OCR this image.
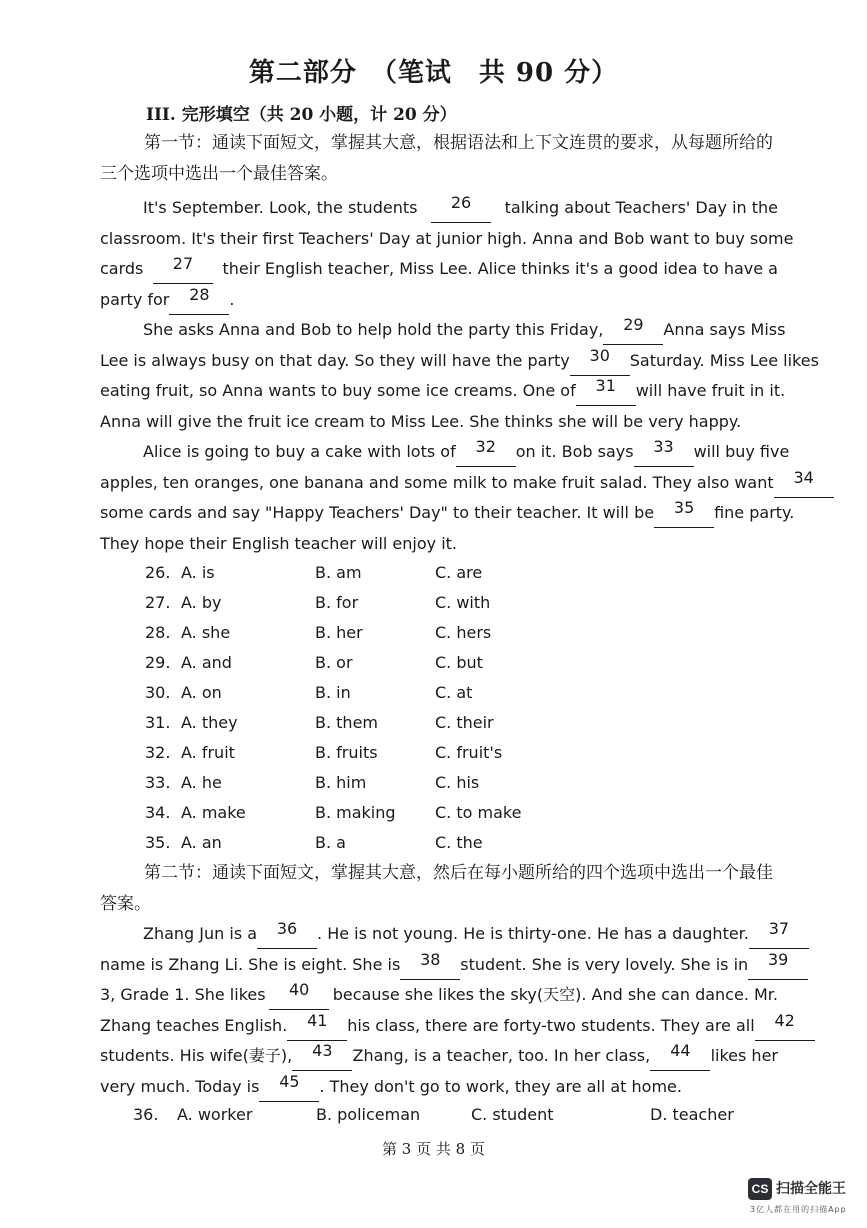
第二部分　（笔试　共 90 分）
III. 完形填空（共 20 小题，计 20 分）
第一节：通读下面短文，掌握其大意，根据语法和上下文连贯的要求，从每题所给的三个选项中选出一个最佳答案。
It's September. Look, the students	26	talking about Teachers' Day in the
classroom. It's their first Teachers' Day at junior high. Anna and Bob want to buy some
cards	27	their English teacher, Miss Lee. Alice thinks it's a good idea to have a
party for	28	.
She asks Anna and Bob to help hold the party this Friday,	29	Anna says Miss
Lee is always busy on that day. So they will have the party	30	Saturday. Miss Lee likes
eating fruit, so Anna wants to buy some ice creams. One of	31	will have fruit in it.
Anna will give the fruit ice cream to Miss Lee. She thinks she will be very happy.
Alice is going to buy a cake with lots of	32	on it. Bob says	33	will buy five
apples, ten oranges, one banana and some milk to make fruit salad. They also want	34
some cards and say "Happy Teachers' Day" to their teacher. It will be	35	fine party.
They hope their English teacher will enjoy it.
26. A. is	B. am	C. are
27. A. by	B. for	C. with
28. A. she	B. her	C. hers
29. A. and	B. or	C. but
30. A. on	B. in	C. at
31. A. they	B. them	C. their
32. A. fruit	B. fruits	C. fruit's
33. A. he	B. him	C. his
34. A. make	B. making C. to make
35. A. an	B. a	C. the
第二节：通读下面短文，掌握其大意，然后在每小题所给的四个选项中选出一个最佳答案。
Zhang Jun is a	36	. He is not young. He is thirty-one. He has a daughter.	37
name is Zhang Li. She is eight. She is	38	student. She is very lovely. She is in	39
3, Grade 1. She likes	40	because she likes the sky(天空). And she can dance. Mr.
Zhang teaches English.	41	his class, there are forty-two students. They are all	42
students. His wife(妻子),	43	Zhang, is a teacher, too. In her class,	44	likes her
very much. Today is	45	. They don't go to work, they are all at home.
36. A. worker	B. policeman	C. student	D. teacher
第 3 页 共 8 页
CS 扫描全能王
3亿人都在用的扫描App
